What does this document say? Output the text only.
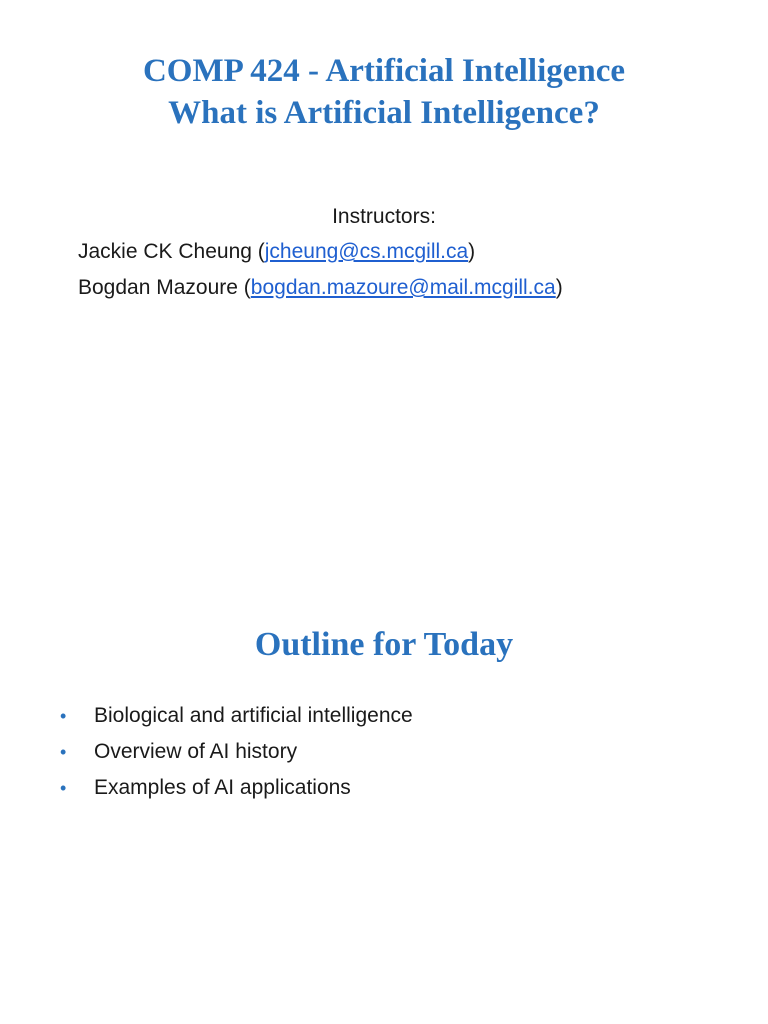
COMP 424 - Artificial Intelligence
What is Artificial Intelligence?
Instructors:
Jackie CK Cheung (jcheung@cs.mcgill.ca)
Bogdan Mazoure (bogdan.mazoure@mail.mcgill.ca)
Outline for Today
• Biological and artificial intelligence
• Overview of AI history
• Examples of AI applications
